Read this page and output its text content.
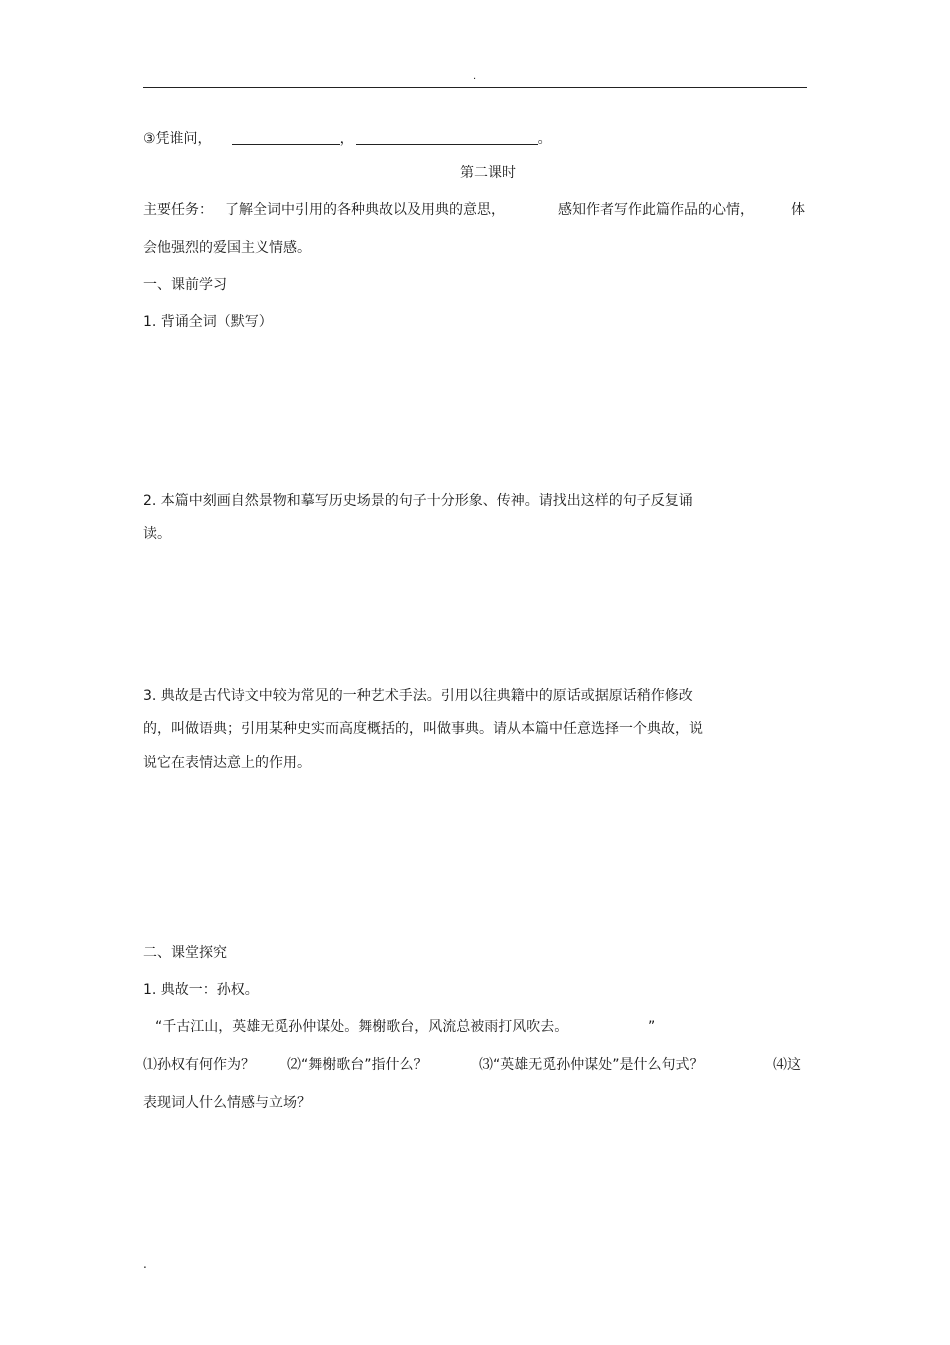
.
③凭谁问，	，	。
第二课时
主要任务： 了解全词中引用的各种典故以及用典的意思，	感知作者写作此篇作品的心情，	体
会他强烈的爱国主义情感。
一、课前学习
1. 背诵全词（默写）
2. 本篇中刻画自然景物和摹写历史场景的句子十分形象、传神。请找出这样的句子反复诵
读。
3. 典故是古代诗文中较为常见的一种艺术手法。引用以往典籍中的原话或据原话稍作修改
的，叫做语典；引用某种史实而高度概括的，叫做事典。请从本篇中任意选择一个典故，说
说它在表情达意上的作用。
二、课堂探究
1. 典故一：孙权。
“千古江山，英雄无觅孙仲谋处。舞榭歌台，风流总被雨打风吹去。	”
⑴孙权有何作为？ ⑵“舞榭歌台”指什么？	⑶“英雄无觅孙仲谋处”是什么句式？	⑷这
表现词人什么情感与立场？
.
